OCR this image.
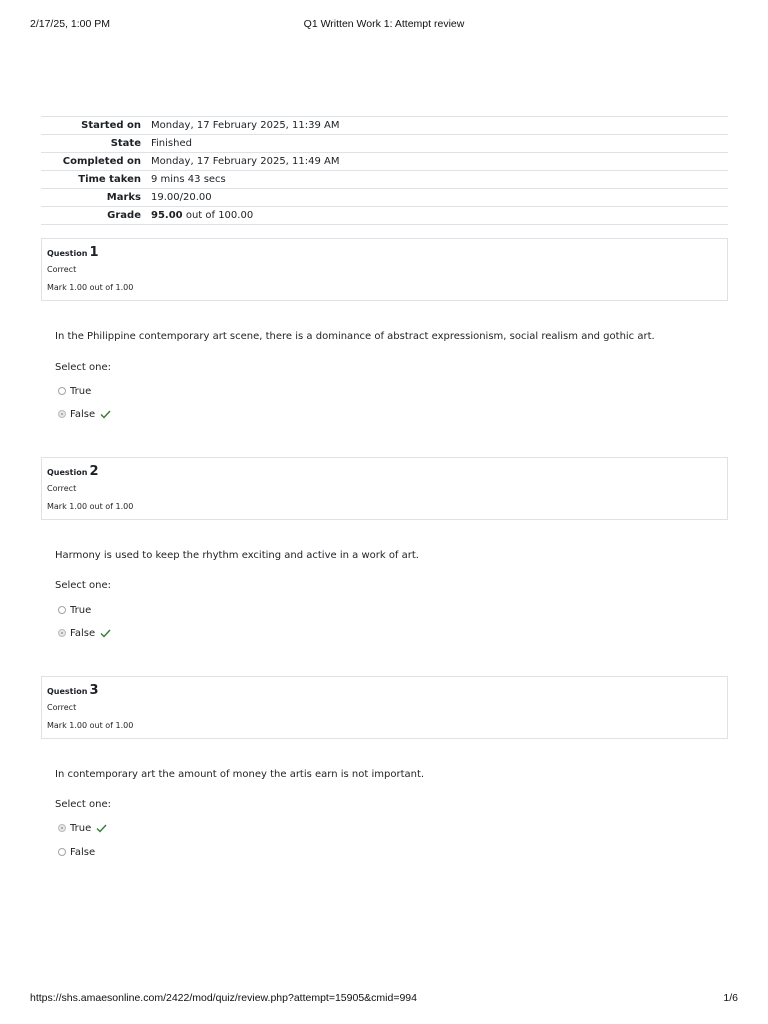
2/17/25, 1:00 PM	Q1 Written Work 1: Attempt review
Started on	Monday, 17 February 2025, 11:39 AM
State	Finished
Completed on	Monday, 17 February 2025, 11:49 AM
Time taken	9 mins 43 secs
Marks	19.00/20.00
Grade	95.00 out of 100.00
Question 1
Correct
Mark 1.00 out of 1.00
In the Philippine contemporary art scene, there is a dominance of abstract expressionism, social realism and gothic art.
Select one:
True
False
Question 2
Correct
Mark 1.00 out of 1.00
Harmony is used to keep the rhythm exciting and active in a work of art.
Select one:
True
False
Question 3
Correct
Mark 1.00 out of 1.00
In contemporary art the amount of money the artis earn is not important.
Select one:
True
False
https://shs.amaesonline.com/2422/mod/quiz/review.php?attempt=15905&cmid=994	1/6
